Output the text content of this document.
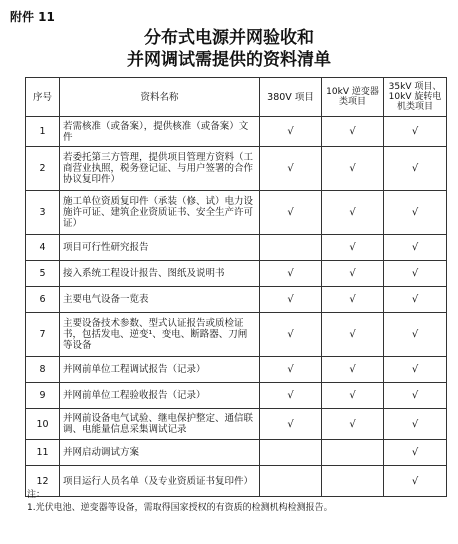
附件 11
分布式电源并网验收和
并网调试需提供的资料清单
序号	资料名称	380V 项目	10kV 逆变器类项目	35kV 项目、10kV 旋转电机类项目
1	若需核准（或备案），提供核准（或备案）文件	√	√	√
2	若委托第三方管理，提供项目管理方资料（工商营业执照，税务登记证、与用户签署的合作协议复印件）	√	√	√
3	施工单位资质复印件（承装（修、试）电力设施许可证、建筑企业资质证书、安全生产许可证）	√	√	√
4	项目可行性研究报告		√	√
5	接入系统工程设计报告、图纸及说明书	√	√	√
6	主要电气设备一览表	√	√	√
7	主要设备技术参数、型式认证报告或质检证书，包括发电、逆变¹、变电、断路器、刀闸等设备	√	√	√
8	并网前单位工程调试报告（记录）	√	√	√
9	并网前单位工程验收报告（记录）	√	√	√
10	并网前设备电气试验、继电保护整定、通信联调、电能量信息采集调试记录	√	√	√
11	并网启动调试方案			√
12	项目运行人员名单（及专业资质证书复印件）			√
注：
1.光伏电池、逆变器等设备，需取得国家授权的有资质的检测机构检测报告。
